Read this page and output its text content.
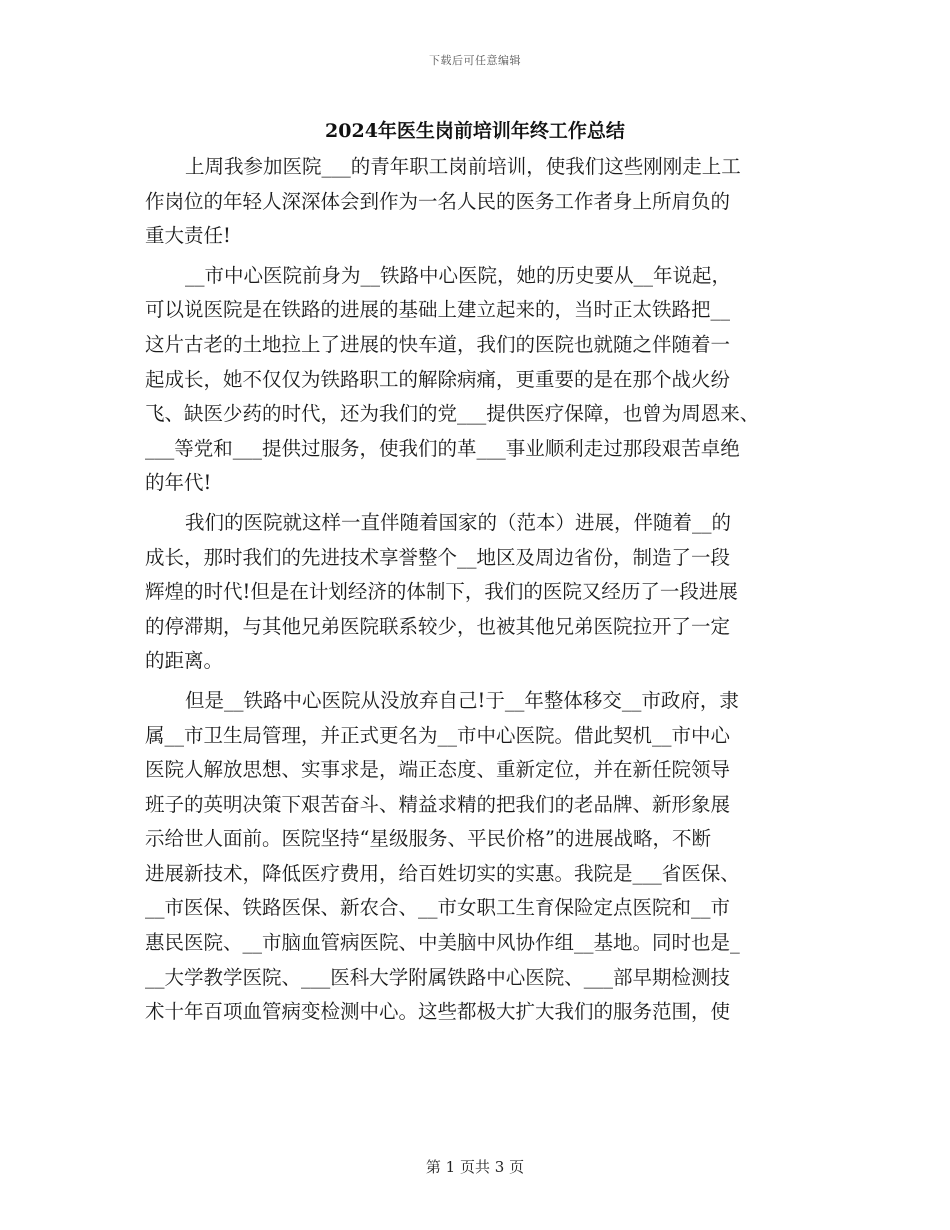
下载后可任意编辑
2024年医生岗前培训年终工作总结
上周我参加医院___的青年职工岗前培训，使我们这些刚刚走上工
作岗位的年轻人深深体会到作为一名人民的医务工作者身上所肩负的
重大责任!
__市中心医院前身为__铁路中心医院，她的历史要从__年说起，
可以说医院是在铁路的进展的基础上建立起来的，当时正太铁路把__
这片古老的土地拉上了进展的快车道，我们的医院也就随之伴随着一
起成长，她不仅仅为铁路职工的解除病痛，更重要的是在那个战火纷
飞、缺医少药的时代，还为我们的党___提供医疗保障，也曾为周恩来、
___等党和___提供过服务，使我们的革___事业顺利走过那段艰苦卓绝
的年代!
我们的医院就这样一直伴随着国家的（范本）进展，伴随着__的
成长，那时我们的先进技术享誉整个__地区及周边省份，制造了一段
辉煌的时代!但是在计划经济的体制下，我们的医院又经历了一段进展
的停滞期，与其他兄弟医院联系较少，也被其他兄弟医院拉开了一定
的距离。
但是__铁路中心医院从没放弃自己!于__年整体移交__市政府，隶
属__市卫生局管理，并正式更名为__市中心医院。借此契机__市中心
医院人解放思想、实事求是，端正态度、重新定位，并在新任院领导
班子的英明决策下艰苦奋斗、精益求精的把我们的老品牌、新形象展
示给世人面前。医院坚持“星级服务、平民价格”的进展战略，不断
进展新技术，降低医疗费用，给百姓切实的实惠。我院是___省医保、
__市医保、铁路医保、新农合、__市女职工生育保险定点医院和__市
惠民医院、__市脑血管病医院、中美脑中风协作组__基地。同时也是_
__大学教学医院、___医科大学附属铁路中心医院、___部早期检测技
术十年百项血管病变检测中心。这些都极大扩大我们的服务范围，使
第 1 页共 3 页
